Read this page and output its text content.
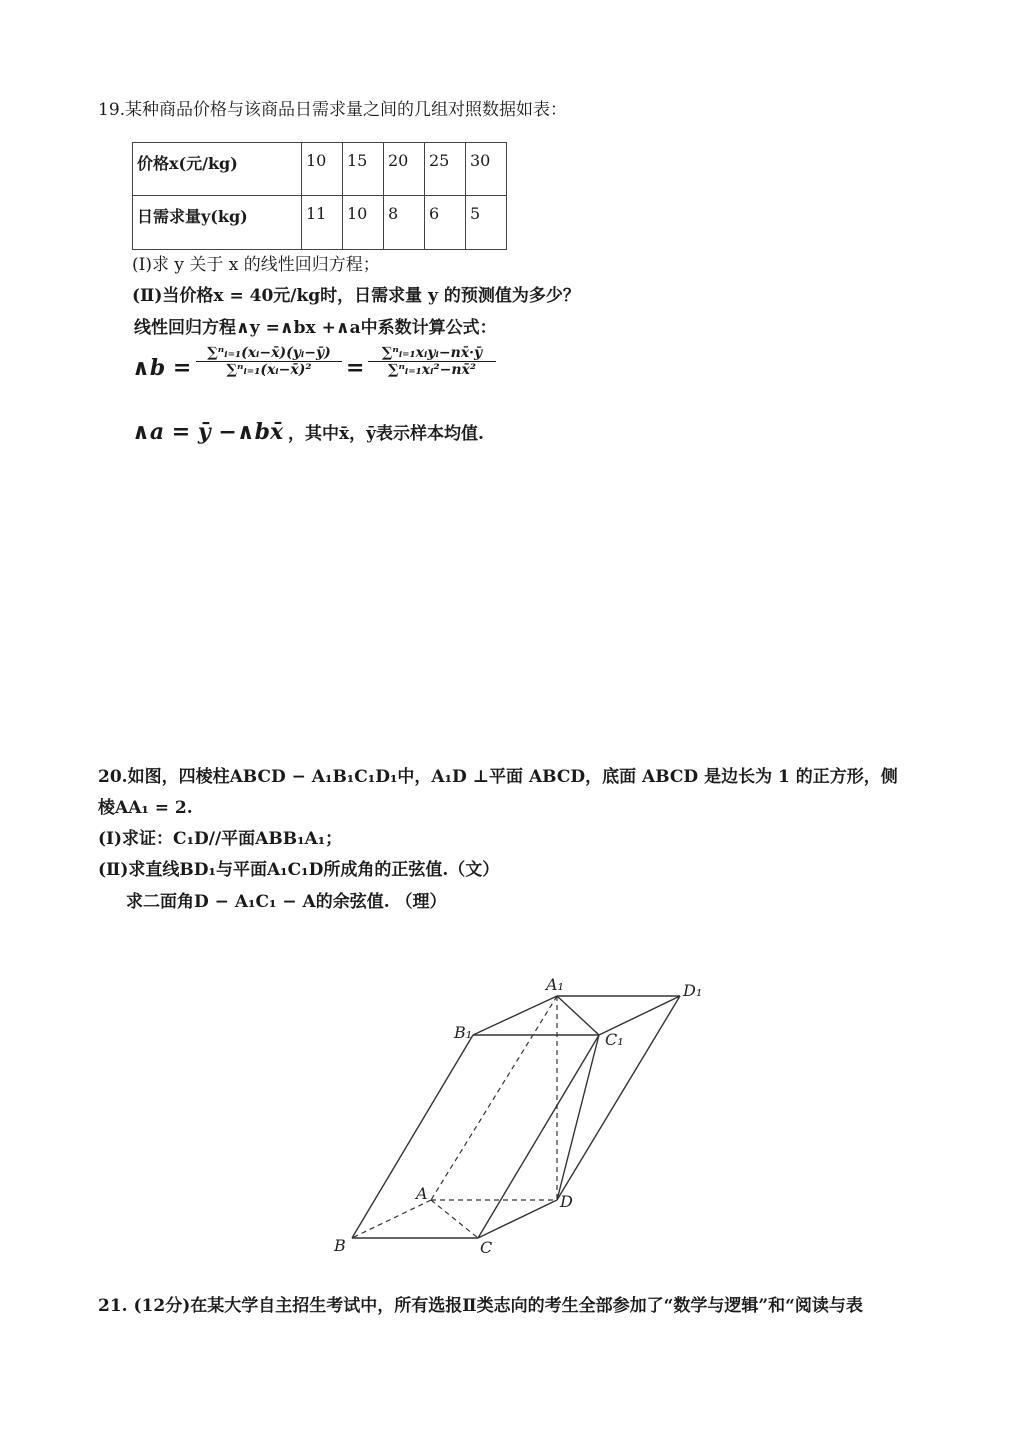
19.某种商品价格与该商品日需求量之间的几组对照数据如表：
价格x(元/kg)	10	15	20	25	30
日需求量y(kg)	11	10	8	6	5
(Ⅰ)求 y 关于 x 的线性回归方程；
(Ⅱ)当价格x = 40元/kg时，日需求量 y 的预测值为多少？
线性回归方程∧y =∧bx +∧a中系数计算公式：
∧b =
∑ⁿᵢ₌₁(xᵢ−x̄)(yᵢ−ȳ)
∑ⁿᵢ₌₁(xᵢ−x̄)²	=
∑ⁿᵢ₌₁xᵢyᵢ−nx̄·ȳ
∑ⁿᵢ₌₁xᵢ²−nx̄²
∧a = ȳ −∧bx̄ ，其中x̄，ȳ表示样本均值.
20.如图，四棱柱ABCD − A₁B₁C₁D₁中，A₁D ⊥平面 ABCD，底面 ABCD 是边长为 1 的正方形，侧
棱AA₁ = 2.
(Ⅰ)求证：C₁D//平面ABB₁A₁；
(Ⅱ)求直线BD₁与平面A₁C₁D所成角的正弦值.（文）
求二面角D − A₁C₁ − A的余弦值. （理）
A₁	D₁
B₁	C₁
A	D
B	C
21. (12分)在某大学自主招生考试中，所有选报Ⅱ类志向的考生全部参加了“数学与逻辑”和“阅读与表
